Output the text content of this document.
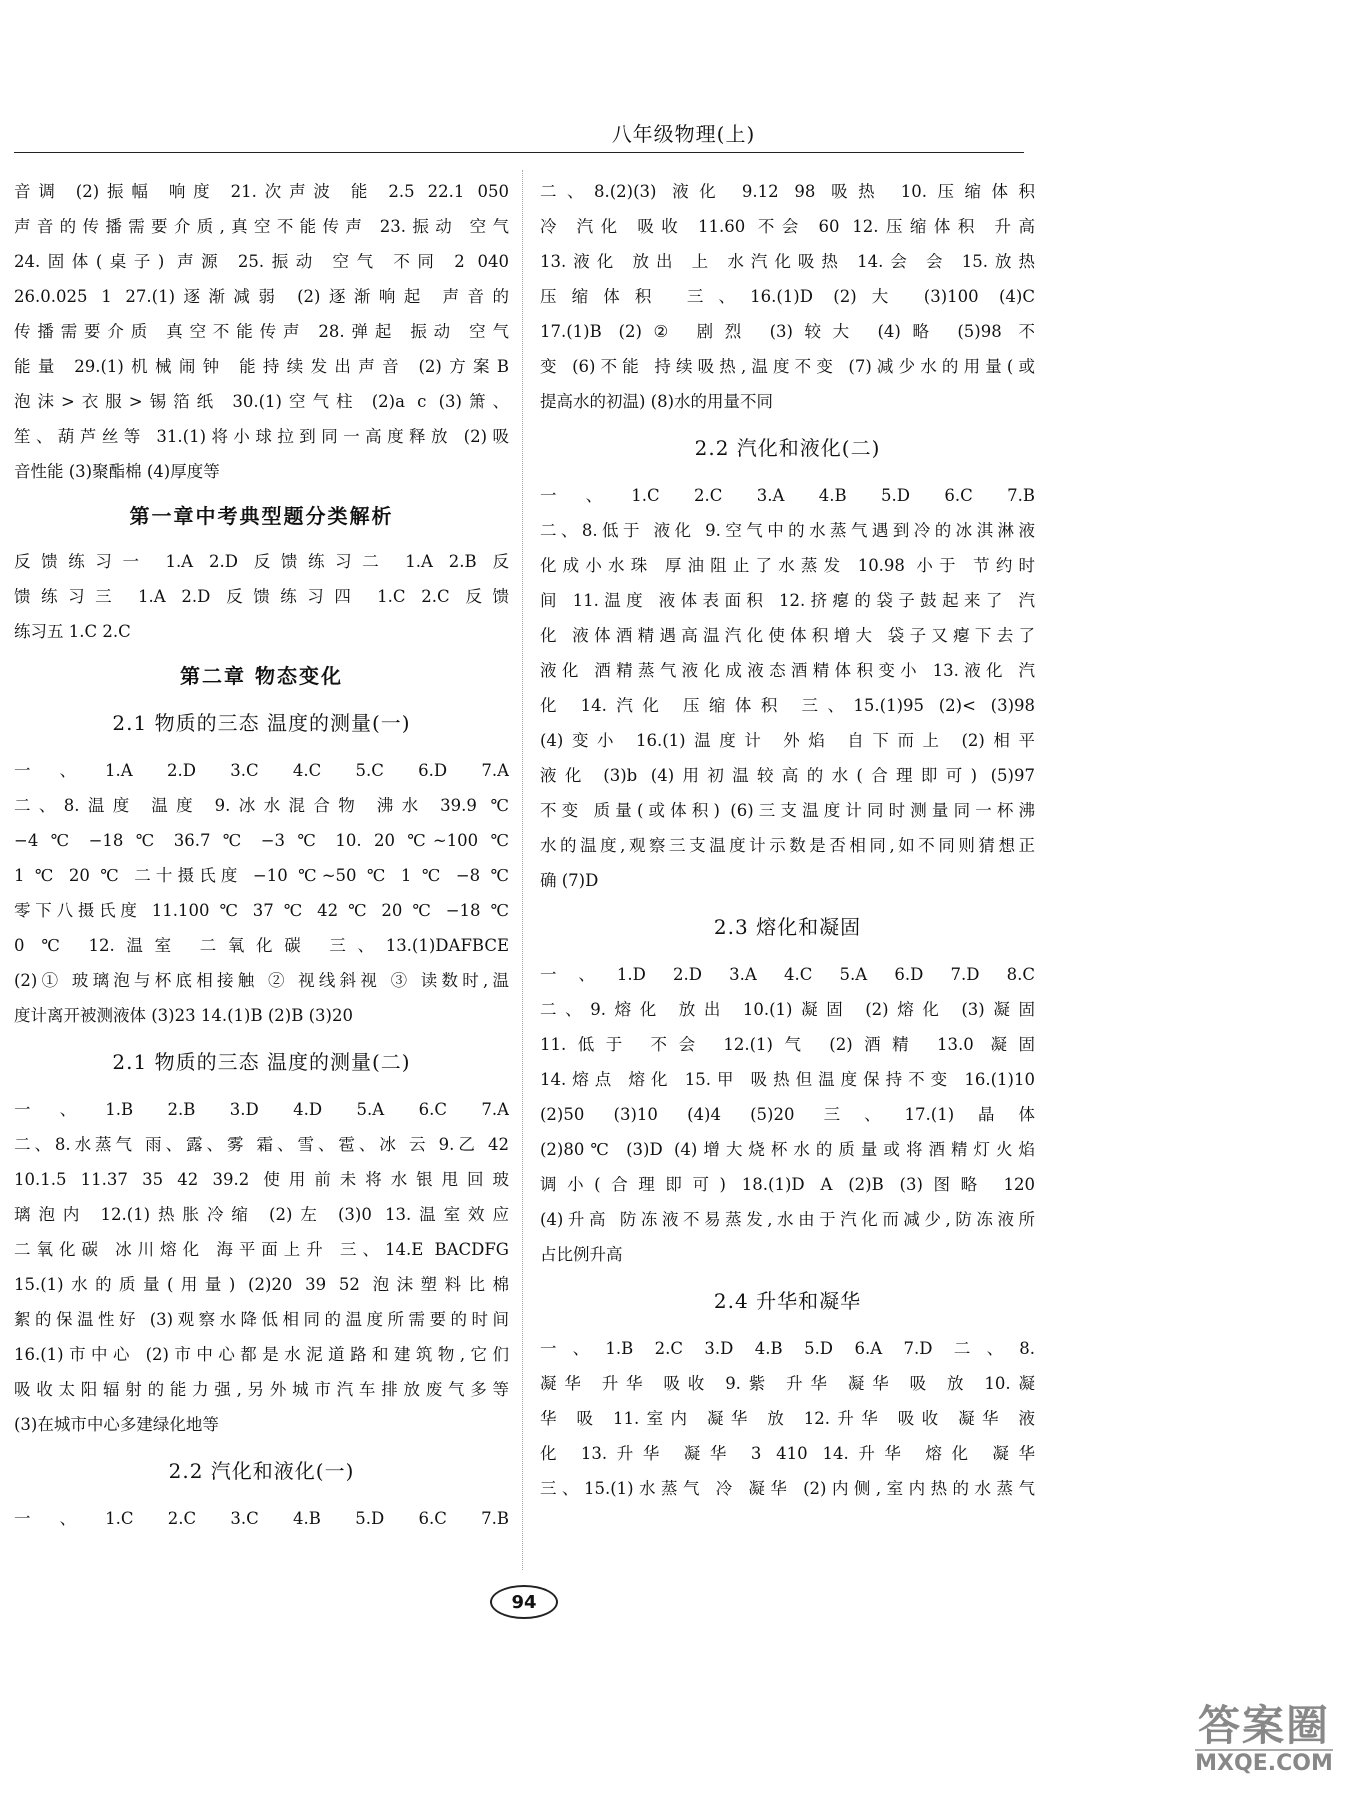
八年级物理(上)
音调 (2)振幅 响度 21.次声波 能 2.5 22.1 050
声音的传播需要介质,真空不能传声 23.振动 空气
24.固体(桌子) 声源 25.振动 空气 不同 2 040
26.0.025 1 27.(1)逐渐减弱 (2)逐渐响起 声音的
传播需要介质 真空不能传声 28.弹起 振动 空气
能量 29.(1)机械闹钟 能持续发出声音 (2)方案B
泡沫>衣服>锡箔纸 30.(1)空气柱 (2)a c (3)箫、
笙、葫芦丝等 31.(1)将小球拉到同一高度释放 (2)吸
音性能 (3)聚酯棉 (4)厚度等
第一章中考典型题分类解析
反馈练习一 1.A 2.D 反馈练习二 1.A 2.B 反
馈练习三 1.A 2.D 反馈练习四 1.C 2.C 反馈
练习五 1.C 2.C
第二章 物态变化
2.1 物质的三态 温度的测量(一)
一、1.A 2.D 3.C 4.C 5.C 6.D 7.A
二、8.温度 温度 9.冰水混合物 沸水 39.9 ℃
−4 ℃ −18 ℃ 36.7 ℃ −3 ℃ 10. 20 ℃~100 ℃
1 ℃ 20 ℃ 二十摄氏度 −10 ℃~50 ℃ 1 ℃ −8 ℃
零下八摄氏度 11.100 ℃ 37 ℃ 42 ℃ 20 ℃ −18 ℃
0 ℃ 12.温室 二氧化碳 三、13.(1)DAFBCE
(2)① 玻璃泡与杯底相接触 ② 视线斜视 ③ 读数时,温
度计离开被测液体 (3)23 14.(1)B (2)B (3)20
2.1 物质的三态 温度的测量(二)
一、1.B 2.B 3.D 4.D 5.A 6.C 7.A
二、8.水蒸气 雨、露、雾 霜、雪、雹、冰 云 9.乙 42
10.1.5 11.37 35 42 39.2 使用前未将水银甩回玻
璃泡内 12.(1)热胀冷缩 (2)左 (3)0 13.温室效应
二氧化碳 冰川熔化 海平面上升 三、14.E BACDFG
15.(1)水的质量(用量) (2)20 39 52 泡沫塑料比棉
絮的保温性好 (3)观察水降低相同的温度所需要的时间
16.(1)市中心 (2)市中心都是水泥道路和建筑物,它们
吸收太阳辐射的能力强,另外城市汽车排放废气多等
(3)在城市中心多建绿化地等
2.2 汽化和液化(一)
一、1.C 2.C 3.C 4.B 5.D 6.C 7.B
二、8.(2)(3) 液化 9.12 98 吸热 10.压缩体积
冷 汽化 吸收 11.60 不会 60 12.压缩体积 升高
13.液化 放出 上 水汽化吸热 14.会 会 15.放热
压缩体积 三、16.(1)D (2)大 (3)100 (4)C
17.(1)B (2)② 剧烈 (3)较大 (4)略 (5)98 不
变 (6)不能 持续吸热,温度不变 (7)减少水的用量(或
提高水的初温) (8)水的用量不同
2.2 汽化和液化(二)
一、1.C 2.C 3.A 4.B 5.D 6.C 7.B
二、8.低于 液化 9.空气中的水蒸气遇到冷的冰淇淋液
化成小水珠 厚油阻止了水蒸发 10.98 小于 节约时
间 11.温度 液体表面积 12.挤瘪的袋子鼓起来了 汽
化 液体酒精遇高温汽化使体积增大 袋子又瘪下去了
液化 酒精蒸气液化成液态酒精体积变小 13.液化 汽
化 14.汽化 压缩体积 三、15.(1)95 (2)< (3)98
(4)变小 16.(1)温度计 外焰 自下而上 (2)相平
液化 (3)b (4)用初温较高的水(合理即可) (5)97
不变 质量(或体积) (6)三支温度计同时测量同一杯沸
水的温度,观察三支温度计示数是否相同,如不同则猜想正
确 (7)D
2.3 熔化和凝固
一、1.D 2.D 3.A 4.C 5.A 6.D 7.D 8.C
二、9.熔化 放出 10.(1)凝固 (2)熔化 (3)凝固
11.低于 不会 12.(1)气 (2)酒精 13.0 凝固
14.熔点 熔化 15.甲 吸热但温度保持不变 16.(1)10
(2)50 (3)10 (4)4 (5)20 三、17.(1)晶体
(2)80℃ (3)D (4)增大烧杯水的质量或将酒精灯火焰
调小(合理即可) 18.(1)D A (2)B (3)图略 120
(4)升高 防冻液不易蒸发,水由于汽化而减少,防冻液所
占比例升高
2.4 升华和凝华
一、1.B 2.C 3.D 4.B 5.D 6.A 7.D 二、8.
凝华 升华 吸收 9.紫 升华 凝华 吸 放 10.凝
华 吸 11.室内 凝华 放 12.升华 吸收 凝华 液
化 13.升华 凝华 3 410 14.升华 熔化 凝华
三、15.(1)水蒸气 冷 凝华 (2)内侧,室内热的水蒸气
94
答案圈
MXQE.COM
